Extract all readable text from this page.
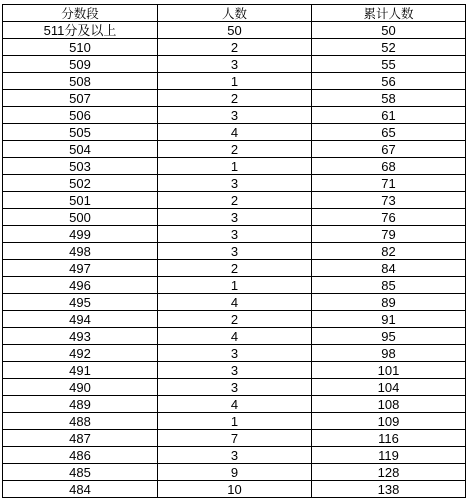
分数段	人数	累计人数
511分及以上	50	50
510	2	52
509	3	55
508	1	56
507	2	58
506	3	61
505	4	65
504	2	67
503	1	68
502	3	71
501	2	73
500	3	76
499	3	79
498	3	82
497	2	84
496	1	85
495	4	89
494	2	91
493	4	95
492	3	98
491	3	101
490	3	104
489	4	108
488	1	109
487	7	116
486	3	119
485	9	128
484	10	138
